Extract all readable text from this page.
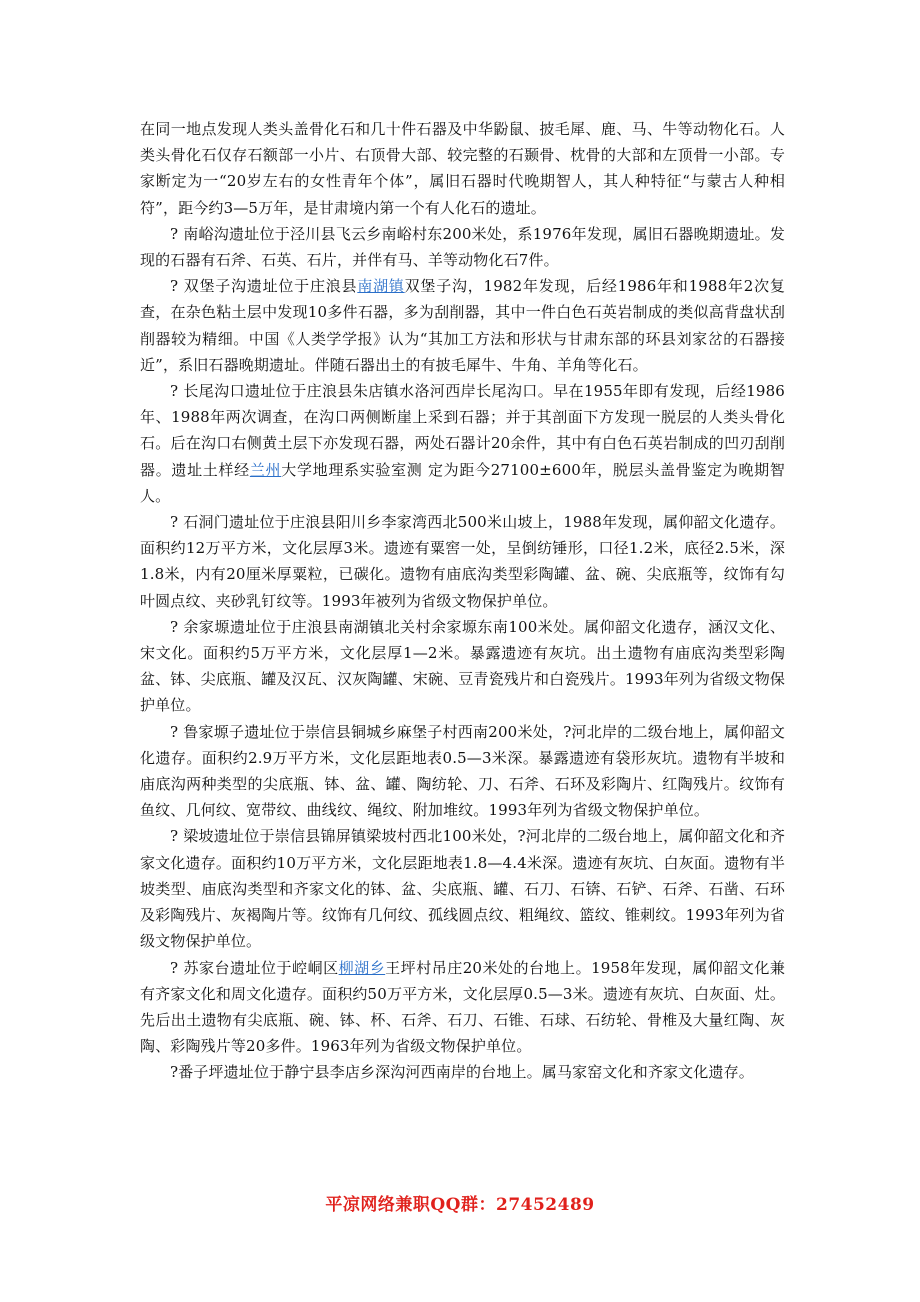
在同一地点发现人类头盖骨化石和几十件石器及中华鼢鼠、披毛犀、鹿、马、牛等动物化石。人类头骨化石仅存石额部一小片、右顶骨大部、较完整的石颞骨、枕骨的大部和左顶骨一小部。专家断定为一“20岁左右的女性青年个体”，属旧石器时代晚期智人，其人种特征“与蒙古人种相符”，距今约3—5万年，是甘肃境内第一个有人化石的遗址。

? 南峪沟遗址位于泾川县飞云乡南峪村东200米处，系1976年发现，属旧石器晚期遗址。发现的石器有石斧、石英、石片，并伴有马、羊等动物化石7件。

? 双堡子沟遗址位于庄浪县南湖镇双堡子沟，1982年发现，后经1986年和1988年2次复查，在杂色粘土层中发现10多件石器，多为刮削器，其中一件白色石英岩制成的类似高背盘状刮削器较为精细。中国《人类学学报》认为“其加工方法和形状与甘肃东部的环县刘家岔的石器接近”，系旧石器晚期遗址。伴随石器出土的有披毛犀牛、牛角、羊角等化石。

? 长尾沟口遗址位于庄浪县朱店镇水洛河西岸长尾沟口。早在1955年即有发现，后经1986年、1988年两次调查，在沟口两侧断崖上采到石器；并于其剖面下方发现一脱层的人类头骨化石。后在沟口右侧黄土层下亦发现石器，两处石器计20余件，其中有白色石英岩制成的凹刃刮削器。遗址土样经兰州大学地理系实验室测 定为距今27100±600年，脱层头盖骨鉴定为晚期智人。

? 石洞门遗址位于庄浪县阳川乡李家湾西北500米山坡上，1988年发现，属仰韶文化遗存。面积约12万平方米，文化层厚3米。遗迹有粟窖一处，呈倒纺锤形，口径1.2米，底径2.5米，深1.8米，内有20厘米厚粟粒，已碳化。遗物有庙底沟类型彩陶罐、盆、碗、尖底瓶等，纹饰有勾叶圆点纹、夹砂乳钉纹等。1993年被列为省级文物保护单位。

? 余家塬遗址位于庄浪县南湖镇北关村余家塬东南100米处。属仰韶文化遗存，涵汉文化、宋文化。面积约5万平方米，文化层厚1—2米。暴露遗迹有灰坑。出土遗物有庙底沟类型彩陶盆、钵、尖底瓶、罐及汉瓦、汉灰陶罐、宋碗、豆青瓷残片和白瓷残片。1993年列为省级文物保护单位。

? 鲁家塬子遗址位于崇信县铜城乡麻堡子村西南200米处，?河北岸的二级台地上，属仰韶文化遗存。面积约2.9万平方米，文化层距地表0.5—3米深。暴露遗迹有袋形灰坑。遗物有半坡和庙底沟两种类型的尖底瓶、钵、盆、罐、陶纺轮、刀、石斧、石环及彩陶片、红陶残片。纹饰有鱼纹、几何纹、宽带纹、曲线纹、绳纹、附加堆纹。1993年列为省级文物保护单位。

? 梁坡遗址位于崇信县锦屏镇梁坡村西北100米处，?河北岸的二级台地上，属仰韶文化和齐家文化遗存。面积约10万平方米，文化层距地表1.8—4.4米深。遗迹有灰坑、白灰面。遗物有半坡类型、庙底沟类型和齐家文化的钵、盆、尖底瓶、罐、石刀、石锛、石铲、石斧、石凿、石环及彩陶残片、灰褐陶片等。纹饰有几何纹、孤线圆点纹、粗绳纹、篮纹、锥刺纹。1993年列为省级文物保护单位。

? 苏家台遗址位于崆峒区柳湖乡王坪村吊庄20米处的台地上。1958年发现，属仰韶文化兼有齐家文化和周文化遗存。面积约50万平方米，文化层厚0.5—3米。遗迹有灰坑、白灰面、灶。先后出土遗物有尖底瓶、碗、钵、杯、石斧、石刀、石锥、石球、石纺轮、骨椎及大量红陶、灰陶、彩陶残片等20多件。1963年列为省级文物保护单位。

?番子坪遗址位于静宁县李店乡深沟河西南岸的台地上。属马家窑文化和齐家文化遗存。

平凉网络兼职QQ群：27452489
